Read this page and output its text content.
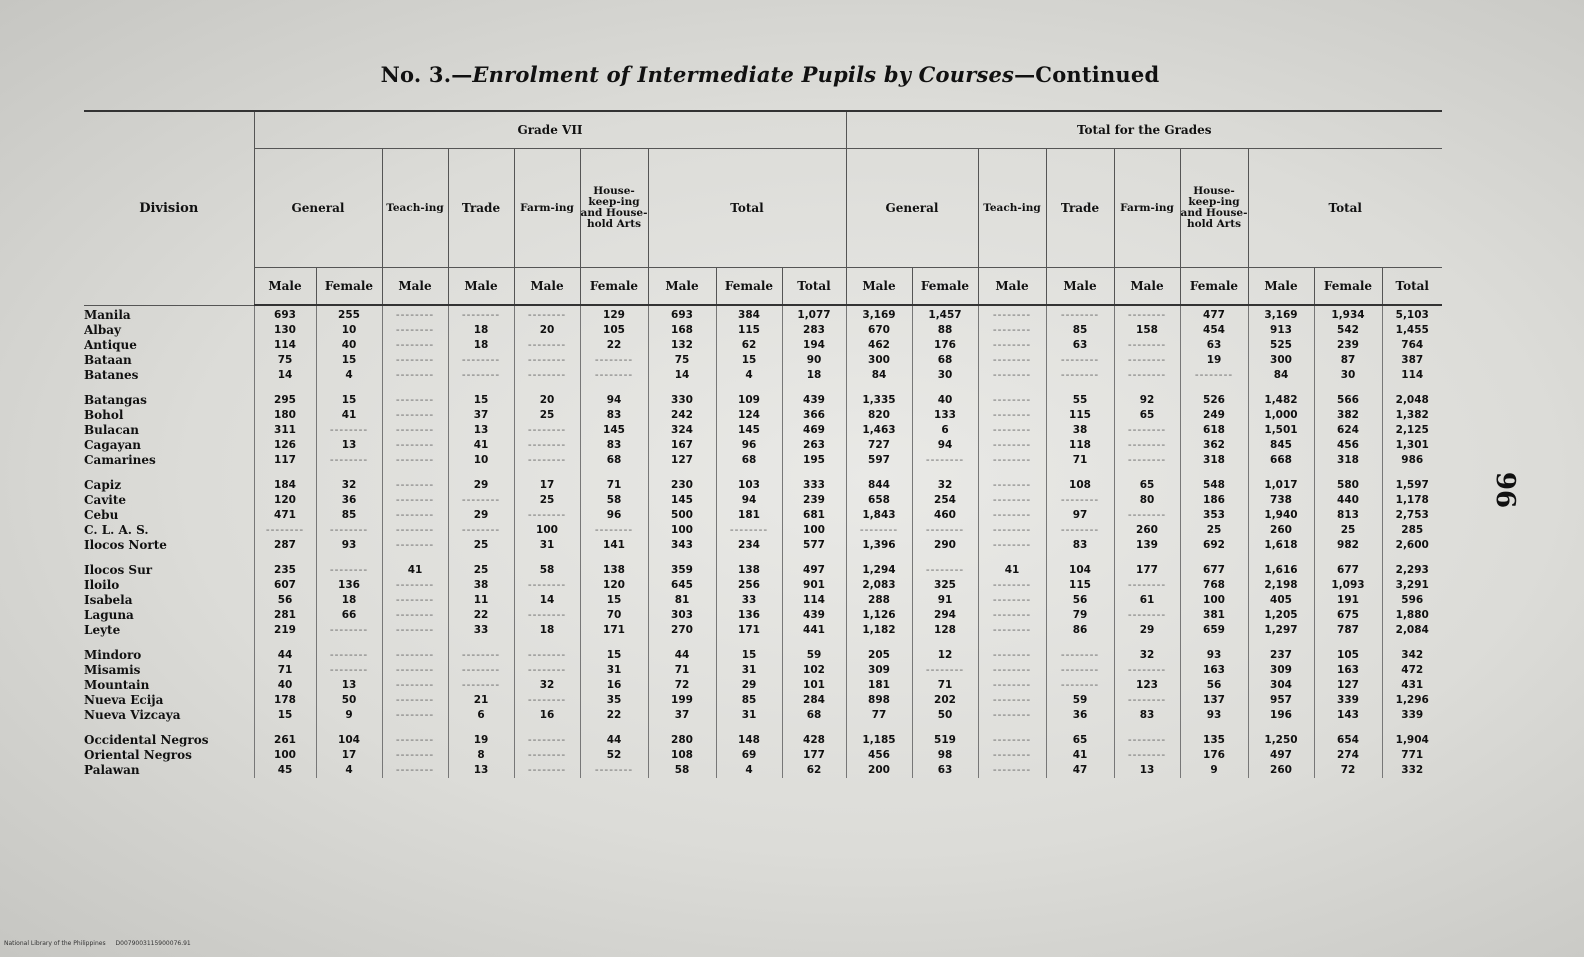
No. 3.—Enrolment of Intermediate Pupils by Courses—Continued
96
Division	Grade VII									Total for the Grades								
	General		Teach-ing	Trade	Farm-ing	House-keep-ing and House-hold Arts	Total			General		Teach-ing	Trade	Farm-ing	House-keep-ing and House-hold Arts	Total		
	Male	Female	Male	Male	Male	Female	Male	Female	Total	Male	Female	Male	Male	Male	Female	Male	Female	Total
Manila	693	255	--------	--------	--------	129	693	384	1,077	3,169	1,457	--------	--------	--------	477	3,169	1,934	5,103
Albay	130	10	--------	18	20	105	168	115	283	670	88	--------	85	158	454	913	542	1,455
Antique	114	40	--------	18	--------	22	132	62	194	462	176	--------	63	--------	63	525	239	764
Bataan	75	15	--------	--------	--------	--------	75	15	90	300	68	--------	--------	--------	19	300	87	387
Batanes	14	4	--------	--------	--------	--------	14	4	18	84	30	--------	--------	--------	--------	84	30	114

Batangas	295	15	--------	15	20	94	330	109	439	1,335	40	--------	55	92	526	1,482	566	2,048
Bohol	180	41	--------	37	25	83	242	124	366	820	133	--------	115	65	249	1,000	382	1,382
Bulacan	311	--------	--------	13	--------	145	324	145	469	1,463	6	--------	38	--------	618	1,501	624	2,125
Cagayan	126	13	--------	41	--------	83	167	96	263	727	94	--------	118	--------	362	845	456	1,301
Camarines	117	--------	--------	10	--------	68	127	68	195	597	--------	--------	71	--------	318	668	318	986

Capiz	184	32	--------	29	17	71	230	103	333	844	32	--------	108	65	548	1,017	580	1,597
Cavite	120	36	--------	--------	25	58	145	94	239	658	254	--------	--------	80	186	738	440	1,178
Cebu	471	85	--------	29	--------	96	500	181	681	1,843	460	--------	97	--------	353	1,940	813	2,753
C. L. A. S.	--------	--------	--------	--------	100	--------	100	--------	100	--------	--------	--------	--------	260	25	260	25	285
Ilocos Norte	287	93	--------	25	31	141	343	234	577	1,396	290	--------	83	139	692	1,618	982	2,600

Ilocos Sur	235	--------	41	25	58	138	359	138	497	1,294	--------	41	104	177	677	1,616	677	2,293
Iloilo	607	136	--------	38	--------	120	645	256	901	2,083	325	--------	115	--------	768	2,198	1,093	3,291
Isabela	56	18	--------	11	14	15	81	33	114	288	91	--------	56	61	100	405	191	596
Laguna	281	66	--------	22	--------	70	303	136	439	1,126	294	--------	79	--------	381	1,205	675	1,880
Leyte	219	--------	--------	33	18	171	270	171	441	1,182	128	--------	86	29	659	1,297	787	2,084

Mindoro	44	--------	--------	--------	--------	15	44	15	59	205	12	--------	--------	32	93	237	105	342
Misamis	71	--------	--------	--------	--------	31	71	31	102	309	--------	--------	--------	--------	163	309	163	472
Mountain	40	13	--------	--------	32	16	72	29	101	181	71	--------	--------	123	56	304	127	431
Nueva Ecija	178	50	--------	21	--------	35	199	85	284	898	202	--------	59	--------	137	957	339	1,296
Nueva Vizcaya	15	9	--------	6	16	22	37	31	68	77	50	--------	36	83	93	196	143	339

Occidental Negros	261	104	--------	19	--------	44	280	148	428	1,185	519	--------	65	--------	135	1,250	654	1,904
Oriental Negros	100	17	--------	8	--------	52	108	69	177	456	98	--------	41	--------	176	497	274	771
Palawan	45	4	--------	13	--------	--------	58	4	62	200	63	--------	47	13	9	260	72	332
National Library of the Philippines D0079003115900076.91
